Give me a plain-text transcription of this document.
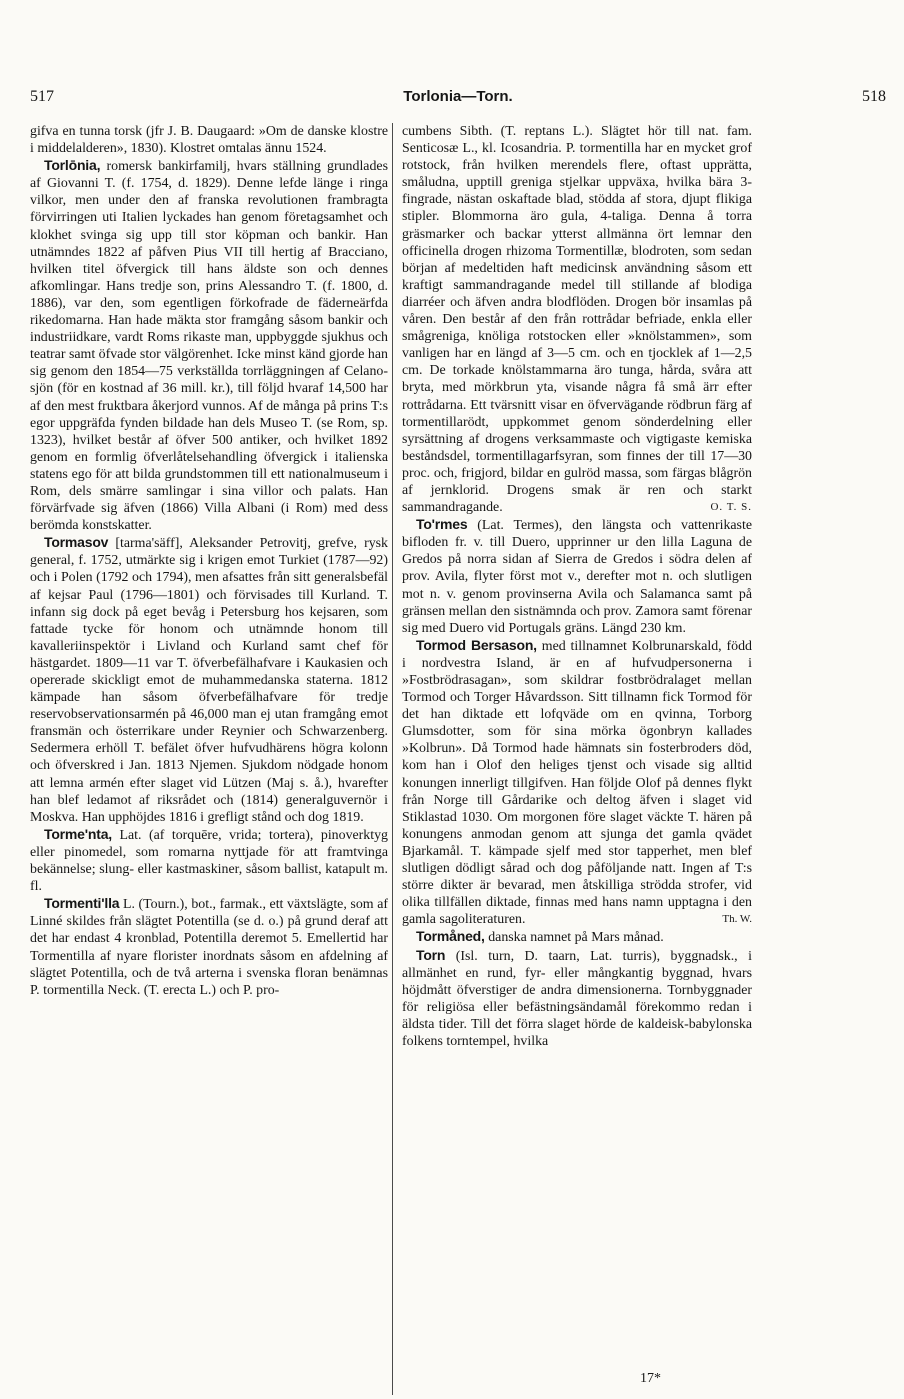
517	Torlonia—Torn.	518

gifva en tunna torsk (jfr J. B. Daugaard: »Om de danske klostre i middelalderen», 1830). Klostret omtalas ännu 1524.

Torlōnia, romersk bankirfamilj, hvars ställning grundlades af Giovanni T. (f. 1754, d. 1829). Denne lefde länge i ringa vilkor, men under den af franska revolutionen frambragta förvirringen uti Italien lyckades han genom företagsamhet och klokhet svinga sig upp till stor köpman och bankir. Han utnämndes 1822 af påfven Pius VII till hertig af Bracciano, hvilken titel öfvergick till hans äldste son och dennes afkomlingar. Hans tredje son, prins Alessandro T. (f. 1800, d. 1886), var den, som egentligen förkofrade de fäderneärfda rikedomarna. Han hade mäkta stor framgång såsom bankir och industriidkare, vardt Roms rikaste man, uppbyggde sjukhus och teatrar samt öfvade stor välgörenhet. Icke minst känd gjorde han sig genom den 1854—75 verkställda torrläggningen af Celano-sjön (för en kostnad af 36 mill. kr.), till följd hvaraf 14,500 har af den mest fruktbara åkerjord vunnos. Af de många på prins T:s egor uppgräfda fynden bildade han dels Museo T. (se Rom, sp. 1323), hvilket består af öfver 500 antiker, och hvilket 1892 genom en formlig öfverlåtelsehandling öfvergick i italienska statens ego för att bilda grundstommen till ett nationalmuseum i Rom, dels smärre samlingar i sina villor och palats. Han förvärfvade sig äfven (1866) Villa Albani (i Rom) med dess berömda konstskatter.

Tormasov [tarma'säff], Aleksander Petrovitj, grefve, rysk general, f. 1752, utmärkte sig i krigen emot Turkiet (1787—92) och i Polen (1792 och 1794), men afsattes från sitt generalsbefäl af kejsar Paul (1796—1801) och förvisades till Kurland. T. infann sig dock på eget bevåg i Petersburg hos kejsaren, som fattade tycke för honom och utnämnde honom till kavalleriinspektör i Livland och Kurland samt chef för hästgardet. 1809—11 var T. öfverbefälhafvare i Kaukasien och opererade skickligt emot de muhammedanska staterna. 1812 kämpade han såsom öfverbefälhafvare för tredje reservobservationsarmén på 46,000 man ej utan framgång emot fransmän och österrikare under Reynier och Schwarzenberg. Sedermera erhöll T. befälet öfver hufvudhärens högra kolonn och öfverskred i Jan. 1813 Njemen. Sjukdom nödgade honom att lemna armén efter slaget vid Lützen (Maj s. å.), hvarefter han blef ledamot af riksrådet och (1814) generalguvernör i Moskva. Han upphöjdes 1816 i grefligt stånd och dog 1819.

Torme'nta, Lat. (af torquēre, vrida; tortera), pinoverktyg eller pinomedel, som romarna nyttjade för att framtvinga bekännelse; slung- eller kastmaskiner, såsom ballist, katapult m. fl.

Tormenti'lla L. (Tourn.), bot., farmak., ett växtslägte, som af Linné skildes från slägtet Potentilla (se d. o.) på grund deraf att det har endast 4 kronblad, Potentilla deremot 5. Emellertid har Tormentilla af nyare florister inordnats såsom en afdelning af slägtet Potentilla, och de två arterna i svenska floran benämnas P. tormentilla Neck. (T. erecta L.) och P. pro-

cumbens Sibth. (T. reptans L.). Slägtet hör till nat. fam. Senticosæ L., kl. Icosandria. P. tormentilla har en mycket grof rotstock, från hvilken merendels flere, oftast upprätta, småludna, upptill greniga stjelkar uppväxa, hvilka bära 3-fingrade, nästan oskaftade blad, stödda af stora, djupt flikiga stipler. Blommorna äro gula, 4-taliga. Denna å torra gräsmarker och backar ytterst allmänna ört lemnar den officinella drogen rhizoma Tormentillæ, blodroten, som sedan början af medeltiden haft medicinsk användning såsom ett kraftigt sammandragande medel till stillande af blodiga diarréer och äfven andra blodflöden. Drogen bör insamlas på våren. Den består af den från rottrådar befriade, enkla eller smågreniga, knöliga rotstocken eller »knölstammen», som vanligen har en längd af 3—5 cm. och en tjocklek af 1—2,5 cm. De torkade knölstammarna äro tunga, hårda, svåra att bryta, med mörkbrun yta, visande några få små ärr efter rottrådarna. Ett tvärsnitt visar en öfvervägande rödbrun färg af tormentillarödt, uppkommet genom sönderdelning eller syrsättning af drogens verksammaste och vigtigaste kemiska beståndsdel, tormentillagarfsyran, som finnes der till 17—30 proc. och, frigjord, bildar en gulröd massa, som färgas blågrön af jernklorid. Drogens smak är ren och starkt sammandragande.	O. T. S.

To'rmes (Lat. Termes), den längsta och vattenrikaste bifloden fr. v. till Duero, upprinner ur den lilla Laguna de Gredos på norra sidan af Sierra de Gredos i södra delen af prov. Avila, flyter först mot v., derefter mot n. och slutligen mot n. v. genom provinserna Avila och Salamanca samt på gränsen mellan den sistnämnda och prov. Zamora samt förenar sig med Duero vid Portugals gräns. Längd 230 km.

Tormod Bersason, med tillnamnet Kolbrunarskald, född i nordvestra Island, är en af hufvudpersonerna i »Fostbrödrasagan», som skildrar fostbrödralaget mellan Tormod och Torger Håvardsson. Sitt tillnamn fick Tormod för det han diktade ett lofqväde om en qvinna, Torborg Glumsdotter, som för sina mörka ögonbryn kallades »Kolbrun». Då Tormod hade hämnats sin fosterbroders död, kom han i Olof den heliges tjenst och visade sig alltid konungen innerligt tillgifven. Han följde Olof på dennes flykt från Norge till Gårdarike och deltog äfven i slaget vid Stiklastad 1030. Om morgonen före slaget väckte T. hären på konungens anmodan genom att sjunga det gamla qvädet Bjarkamål. T. kämpade sjelf med stor tapperhet, men blef slutligen dödligt sårad och dog påföljande natt. Ingen af T:s större dikter är bevarad, men åtskilliga strödda strofer, vid olika tillfällen diktade, finnas med hans namn upptagna i den gamla sagoliteraturen.	Th. W.

Tormåned, danska namnet på Mars månad.

Torn (Isl. turn, D. taarn, Lat. turris), byggnadsk., i allmänhet en rund, fyr- eller mångkantig byggnad, hvars höjdmått öfverstiger de andra dimensionerna. Tornbyggnader för religiösa eller befästningsändamål förekommo redan i äldsta tider. Till det förra slaget hörde de kaldeisk-babylonska folkens torntempel, hvilka

17*
